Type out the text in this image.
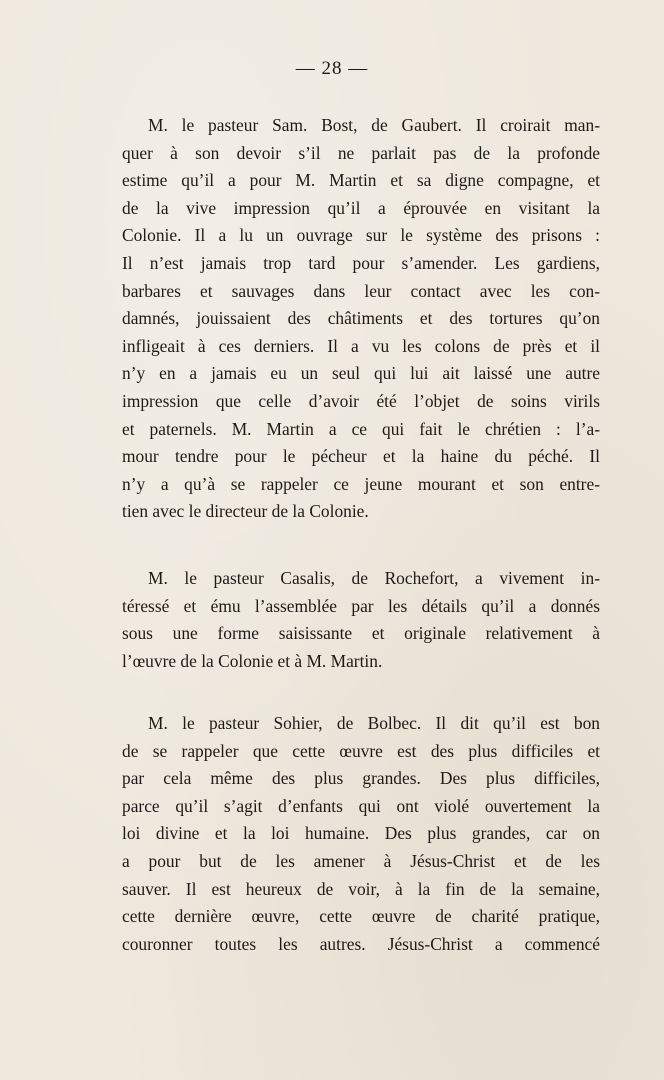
— 28 —
M. le pasteur Sam. Bost, de Gaubert. Il croirait man-
quer à son devoir s’il ne parlait pas de la profonde
estime qu’il a pour M. Martin et sa digne compagne, et
de la vive impression qu’il a éprouvée en visitant la
Colonie. Il a lu un ouvrage sur le système des prisons :
Il n’est jamais trop tard pour s’amender. Les gardiens,
barbares et sauvages dans leur contact avec les con-
damnés, jouissaient des châtiments et des tortures qu’on
infligeait à ces derniers. Il a vu les colons de près et il
n’y en a jamais eu un seul qui lui ait laissé une autre
impression que celle d’avoir été l’objet de soins virils
et paternels. M. Martin a ce qui fait le chrétien : l’a-
mour tendre pour le pécheur et la haine du péché. Il
n’y a qu’à se rappeler ce jeune mourant et son entre-
tien avec le directeur de la Colonie.
M. le pasteur Casalis, de Rochefort, a vivement in-
téressé et ému l’assemblée par les détails qu’il a donnés
sous une forme saisissante et originale relativement à
l’œuvre de la Colonie et à M. Martin.
M. le pasteur Sohier, de Bolbec. Il dit qu’il est bon
de se rappeler que cette œuvre est des plus difficiles et
par cela même des plus grandes. Des plus difficiles,
parce qu’il s’agit d’enfants qui ont violé ouvertement la
loi divine et la loi humaine. Des plus grandes, car on
a pour but de les amener à Jésus-Christ et de les
sauver. Il est heureux de voir, à la fin de la semaine,
cette dernière œuvre, cette œuvre de charité pratique,
couronner toutes les autres. Jésus-Christ a commencé
